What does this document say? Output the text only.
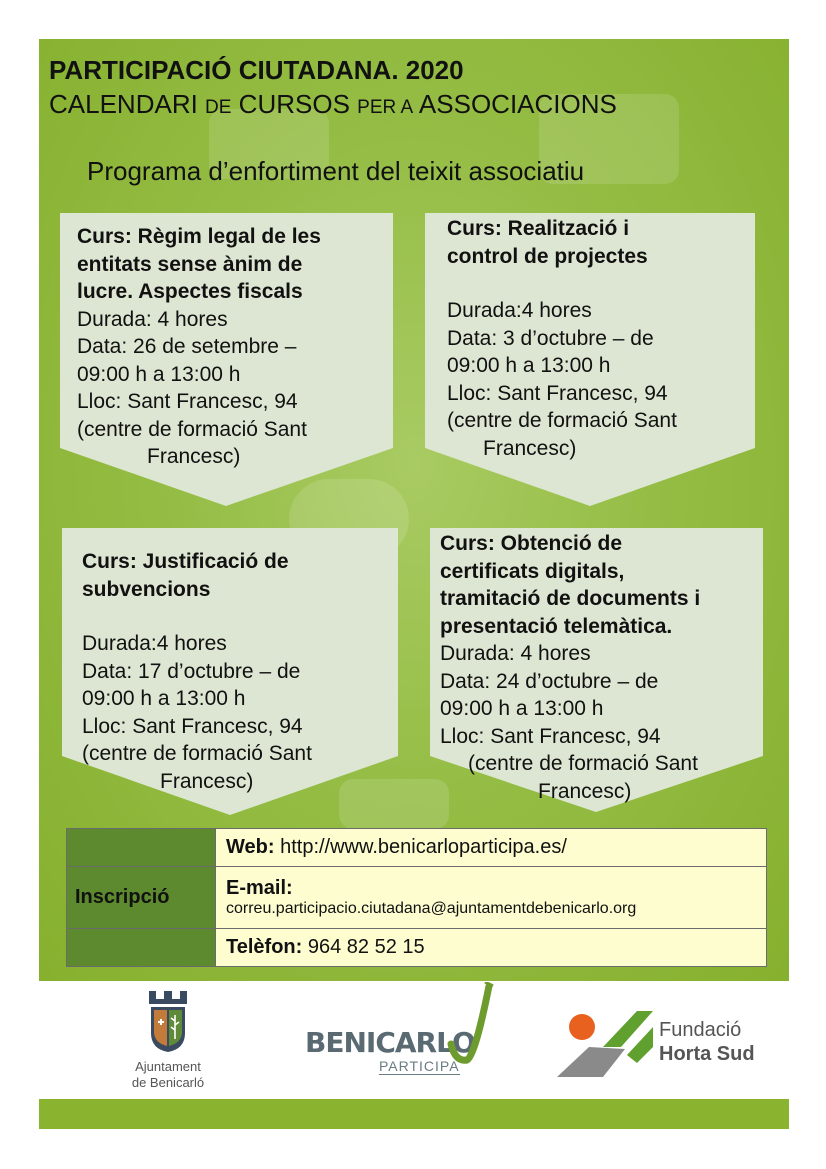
PARTICIPACIÓ CIUTADANA. 2020
CALENDARI DE CURSOS PER A ASSOCIACIONS
Programa d’enfortiment del teixit associatiu
Curs: Règim legal de les
entitats sense ànim de
lucre. Aspectes fiscals
Durada: 4 hores
Data: 26 de setembre –
09:00 h a 13:00 h
Lloc: Sant Francesc, 94
(centre de formació Sant
Francesc)
Curs: Realització i
control de projectes
Durada:4 hores
Data: 3 d’octubre – de
09:00 h a 13:00 h
Lloc: Sant Francesc, 94
(centre de formació Sant
Francesc)
Curs: Justificació de
subvencions
Durada:4 hores
Data: 17 d’octubre – de
09:00 h a 13:00 h
Lloc: Sant Francesc, 94
(centre de formació Sant
Francesc)
Curs: Obtenció de
certificats digitals,
tramitació de documents i
presentació telemàtica.
Durada: 4 hores
Data: 24 d’octubre – de
09:00 h a 13:00 h
Lloc: Sant Francesc, 94
(centre de formació Sant
Francesc)
	Web: http://www.benicarloparticipa.es/
Inscripció	E-mail:
correu.participacio.ciutadana@ajuntamentdebenicarlo.org

	Telèfon: 964 82 52 15
Ajuntament
de Benicarló
BENICARLO
PARTICIPA
Fundació
Horta Sud
